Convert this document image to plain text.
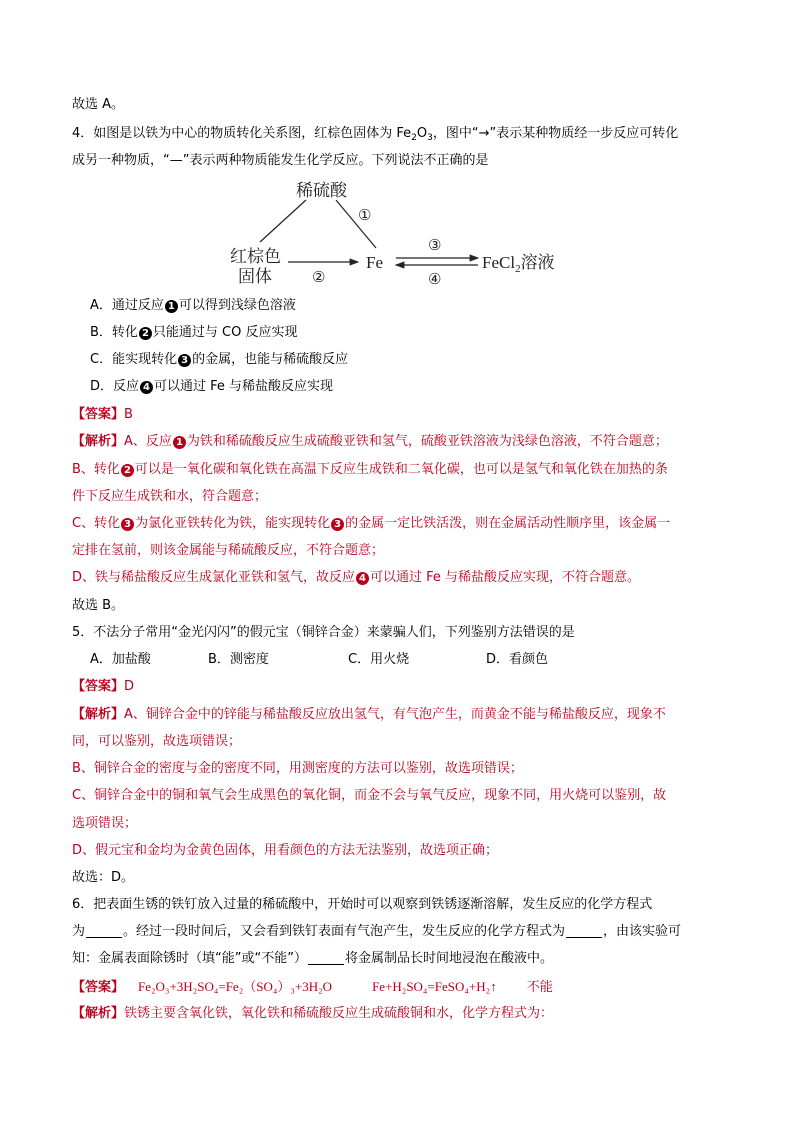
故选 A。
4．如图是以铁为中心的物质转化关系图，红棕色固体为 $Fe_2O_3$，图中“→”表示某种物质经一步反应可转化
成另一种物质，“—”表示两种物质能发生化学反应。下列说法不正确的是
稀硫酸
红棕色
固体
Fe	FeCl$_2$溶液
①
②
③
④
A．通过反应 1 可以得到浅绿色溶液
B．转化 2 只能通过与 CO 反应实现
C．能实现转化 3 的金属，也能与稀硫酸反应
D．反应 4 可以通过 Fe 与稀盐酸反应实现
【答案】B
【解析】A、反应 1 为铁和稀硫酸反应生成硫酸亚铁和氢气，硫酸亚铁溶液为浅绿色溶液，不符合题意；
B、转化 2 可以是一氧化碳和氧化铁在高温下反应生成铁和二氧化碳，也可以是氢气和氧化铁在加热的条
件下反应生成铁和水，符合题意；
C、转化 3 为氯化亚铁转化为铁，能实现转化 3 的金属一定比铁活泼，则在金属活动性顺序里，该金属一
定排在氢前，则该金属能与稀硫酸反应，不符合题意；
D、铁与稀盐酸反应生成氯化亚铁和氢气，故反应 4 可以通过 Fe 与稀盐酸反应实现，不符合题意。
故选 B。
5．不法分子常用“金光闪闪”的假元宝（铜锌合金）来蒙骗人们，下列鉴别方法错误的是
A．加盐酸	B．测密度	C．用火烧	D．看颜色
【答案】D
【解析】A、铜锌合金中的锌能与稀盐酸反应放出氢气，有气泡产生，而黄金不能与稀盐酸反应，现象不
同，可以鉴别，故选项错误；
B、铜锌合金的密度与金的密度不同，用测密度的方法可以鉴别，故选项错误；
C、铜锌合金中的铜和氧气会生成黑色的氧化铜，而金不会与氧气反应，现象不同，用火烧可以鉴别，故
选项错误；
D、假元宝和金均为金黄色固体，用看颜色的方法无法鉴别，故选项正确；
故选：D。
6．把表面生锈的铁钉放入过量的稀硫酸中，开始时可以观察到铁锈逐渐溶解，发生反应的化学方程式
为	。经过一段时间后，又会看到铁钉表面有气泡产生，发生反应的化学方程式为	，由该实验可
知：金属表面除锈时（填“能”或“不能”）	将金属制品长时间地浸泡在酸液中。
【答案】 Fe₂O₃+3H₂SO₄=Fe₂（SO₄）₃+3H₂O	Fe+H₂SO₄=FeSO₄+H₂↑ 不能
【解析】铁锈主要含氧化铁，氧化铁和稀硫酸反应生成硫酸铜和水，化学方程式为：
